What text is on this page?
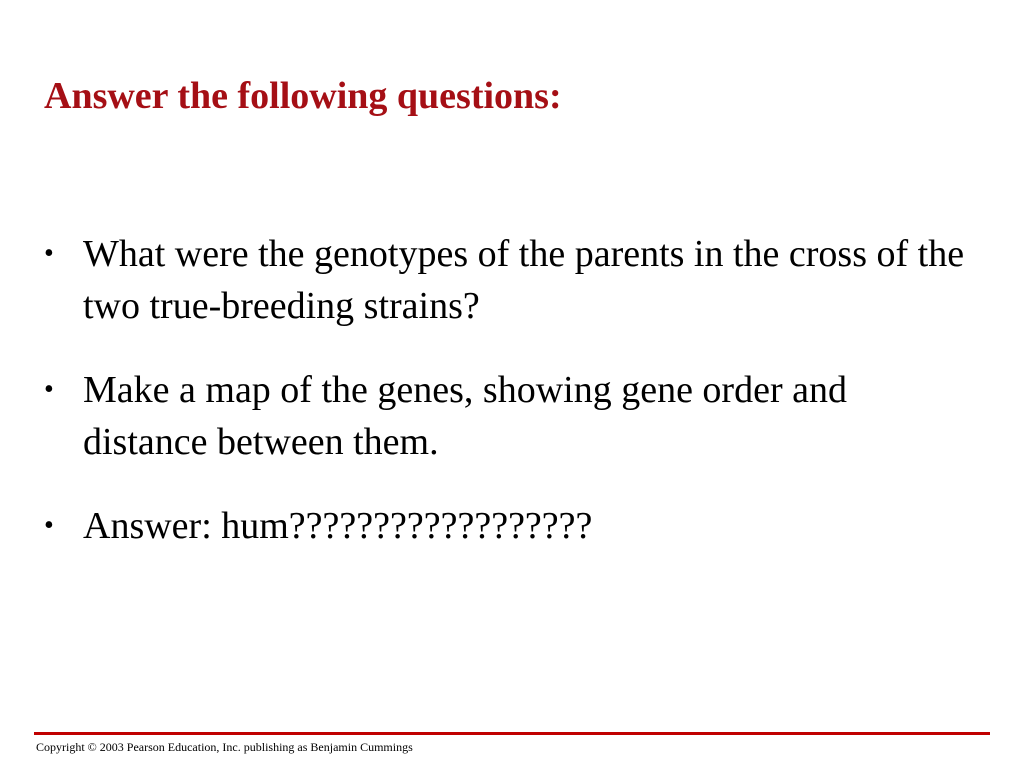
Answer the following questions:
• What were the genotypes of the parents in the cross of the two true-breeding strains?
• Make a map of the genes, showing gene order and distance between them.
• Answer: hum??????????????????

Copyright © 2003 Pearson Education, Inc. publishing as Benjamin Cummings
